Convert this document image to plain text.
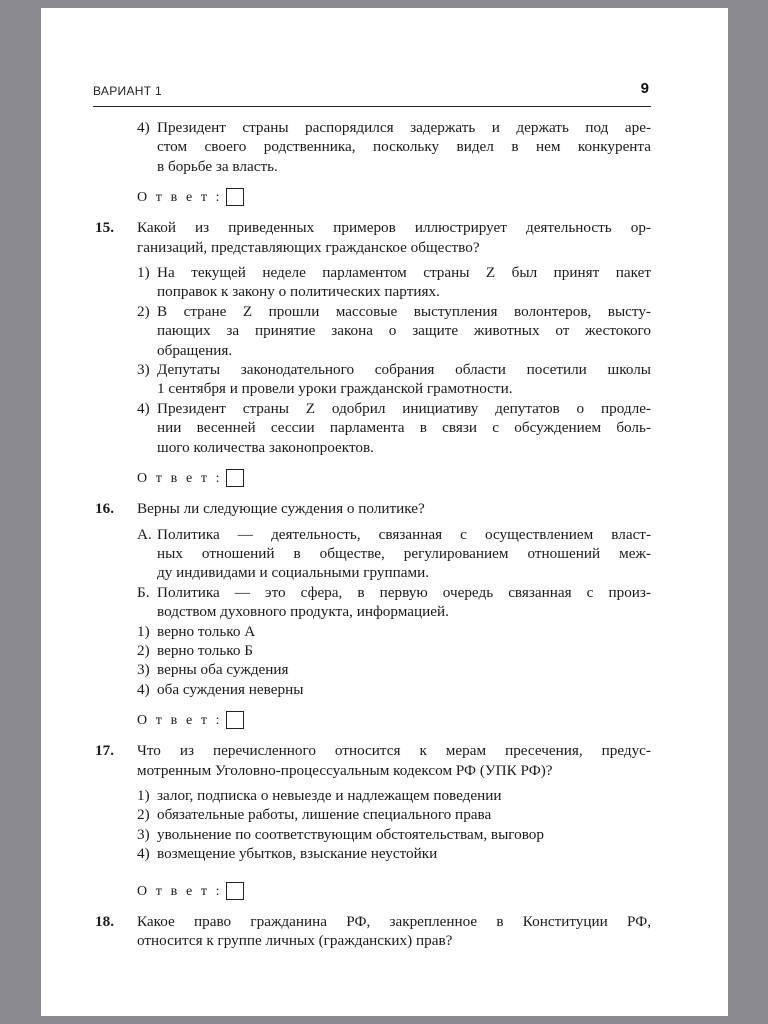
ВАРИАНТ 1	9
4) Президент страны распорядился задержать и держать под аре-
стом своего родственника, поскольку видел в нем конкурента
в борьбе за власть.
О т в е т :
15. Какой из приведенных примеров иллюстрирует деятельность ор-
ганизаций, представляющих гражданское общество?
1) На текущей неделе парламентом страны Z был принят пакет
поправок к закону о политических партиях.
2) В стране Z прошли массовые выступления волонтеров, высту-
пающих за принятие закона о защите животных от жестокого
обращения.
3) Депутаты законодательного собрания области посетили школы
1 сентября и провели уроки гражданской грамотности.
4) Президент страны Z одобрил инициативу депутатов о продле-
нии весенней сессии парламента в связи с обсуждением боль-
шого количества законопроектов.
О т в е т :
16. Верны ли следующие суждения о политике?
А. Политика — деятельность, связанная с осуществлением власт-
ных отношений в обществе, регулированием отношений меж-
ду индивидами и социальными группами.
Б. Политика — это сфера, в первую очередь связанная с произ-
водством духовного продукта, информацией.
1) верно только А
2) верно только Б
3) верны оба суждения
4) оба суждения неверны
О т в е т :
17. Что из перечисленного относится к мерам пресечения, предус-
мотренным Уголовно-процессуальным кодексом РФ (УПК РФ)?
1) залог, подписка о невыезде и надлежащем поведении
2) обязательные работы, лишение специального права
3) увольнение по соответствующим обстоятельствам, выговор
4) возмещение убытков, взыскание неустойки
О т в е т :
18. Какое право гражданина РФ, закрепленное в Конституции РФ,
относится к группе личных (гражданских) прав?
